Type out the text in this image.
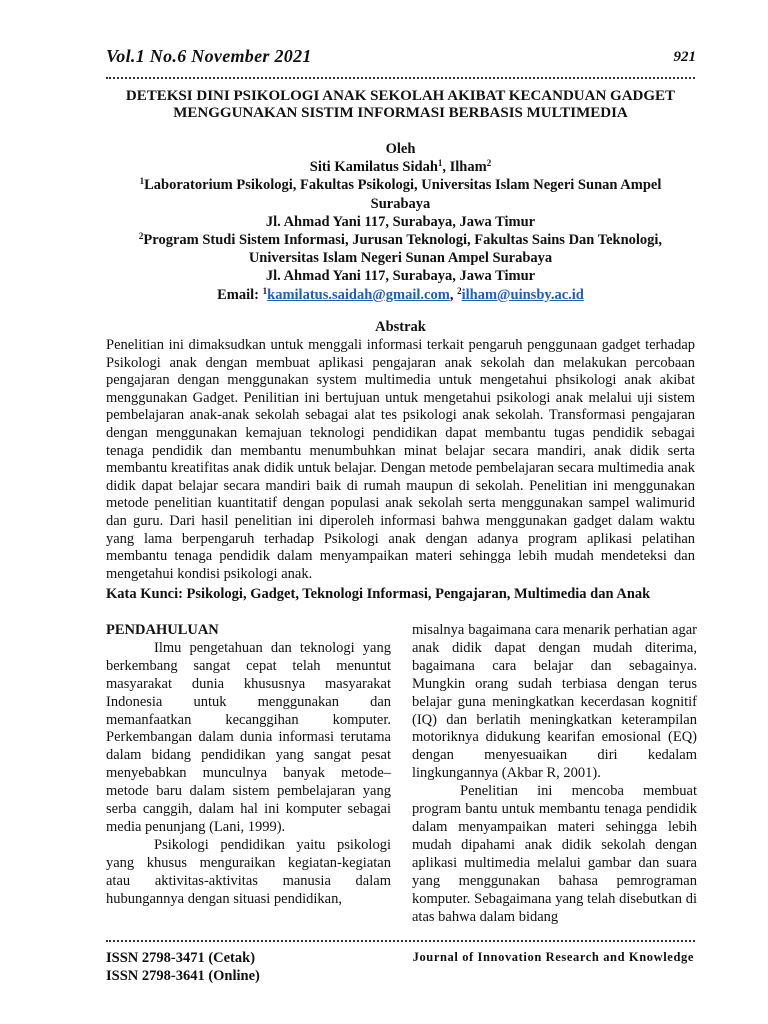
Vol.1 No.6 November 2021	921
DETEKSI DINI PSIKOLOGI ANAK SEKOLAH AKIBAT KECANDUAN GADGET
MENGGUNAKAN SISTIM INFORMASI BERBASIS MULTIMEDIA
Oleh
Siti Kamilatus Sidah$^1$, Ilham$^2$
$^1$Laboratorium Psikologi, Fakultas Psikologi, Universitas Islam Negeri Sunan Ampel
Surabaya
Jl. Ahmad Yani 117, Surabaya, Jawa Timur
$^2$Program Studi Sistem Informasi, Jurusan Teknologi, Fakultas Sains Dan Teknologi,
Universitas Islam Negeri Sunan Ampel Surabaya
Jl. Ahmad Yani 117, Surabaya, Jawa Timur
Email: $^1$kamilatus.saidah@gmail.com, $^2$ilham@uinsby.ac.id
Abstrak
Penelitian ini dimaksudkan untuk menggali informasi terkait pengaruh penggunaan gadget terhadap Psikologi anak dengan membuat aplikasi pengajaran anak sekolah dan melakukan percobaan pengajaran dengan menggunakan system multimedia untuk mengetahui phsikologi anak akibat menggunakan Gadget. Penilitian ini bertujuan untuk mengetahui psikologi anak melalui uji sistem pembelajaran anak-anak sekolah sebagai alat tes psikologi anak sekolah. Transformasi pengajaran dengan menggunakan kemajuan teknologi pendidikan dapat membantu tugas pendidik sebagai tenaga pendidik dan membantu menumbuhkan minat belajar secara mandiri, anak didik serta membantu kreatifitas anak didik untuk belajar. Dengan metode pembelajaran secara multimedia anak didik dapat belajar secara mandiri baik di rumah maupun di sekolah. Penelitian ini menggunakan metode penelitian kuantitatif dengan populasi anak sekolah serta menggunakan sampel walimurid dan guru. Dari hasil penelitian ini diperoleh informasi bahwa menggunakan gadget dalam waktu yang lama berpengaruh terhadap Psikologi anak dengan adanya program aplikasi pelatihan membantu tenaga pendidik dalam menyampaikan materi sehingga lebih mudah mendeteksi dan mengetahui kondisi psikologi anak.
Kata Kunci: Psikologi, Gadget, Teknologi Informasi, Pengajaran, Multimedia dan Anak

PENDAHULUAN

Ilmu pengetahuan dan teknologi yang berkembang sangat cepat telah menuntut masyarakat dunia khususnya masyarakat Indonesia untuk menggunakan dan memanfaatkan kecanggihan komputer. Perkembangan dalam dunia informasi terutama dalam bidang pendidikan yang sangat pesat menyebabkan munculnya banyak metode–metode baru dalam sistem pembelajaran yang serba canggih, dalam hal ini komputer sebagai media penunjang (Lani, 1999).

Psikologi pendidikan yaitu psikologi yang khusus menguraikan kegiatan-kegiatan atau aktivitas-aktivitas manusia dalam hubungannya dengan situasi pendidikan,

misalnya bagaimana cara menarik perhatian agar anak didik dapat dengan mudah diterima, bagaimana cara belajar dan sebagainya. Mungkin orang sudah terbiasa dengan terus belajar guna meningkatkan kecerdasan kognitif (IQ) dan berlatih meningkatkan keterampilan motoriknya didukung kearifan emosional (EQ) dengan menyesuaikan diri kedalam lingkungannya (Akbar R, 2001).

Penelitian ini mencoba membuat program bantu untuk membantu tenaga pendidik dalam menyampaikan materi sehingga lebih mudah dipahami anak didik sekolah dengan aplikasi multimedia melalui gambar dan suara yang menggunakan bahasa pemrograman komputer. Sebagaimana yang telah disebutkan di atas bahwa dalam bidang

ISSN 2798-3471 (Cetak)
ISSN 2798-3641 (Online)
Journal of Innovation Research and Knowledge
